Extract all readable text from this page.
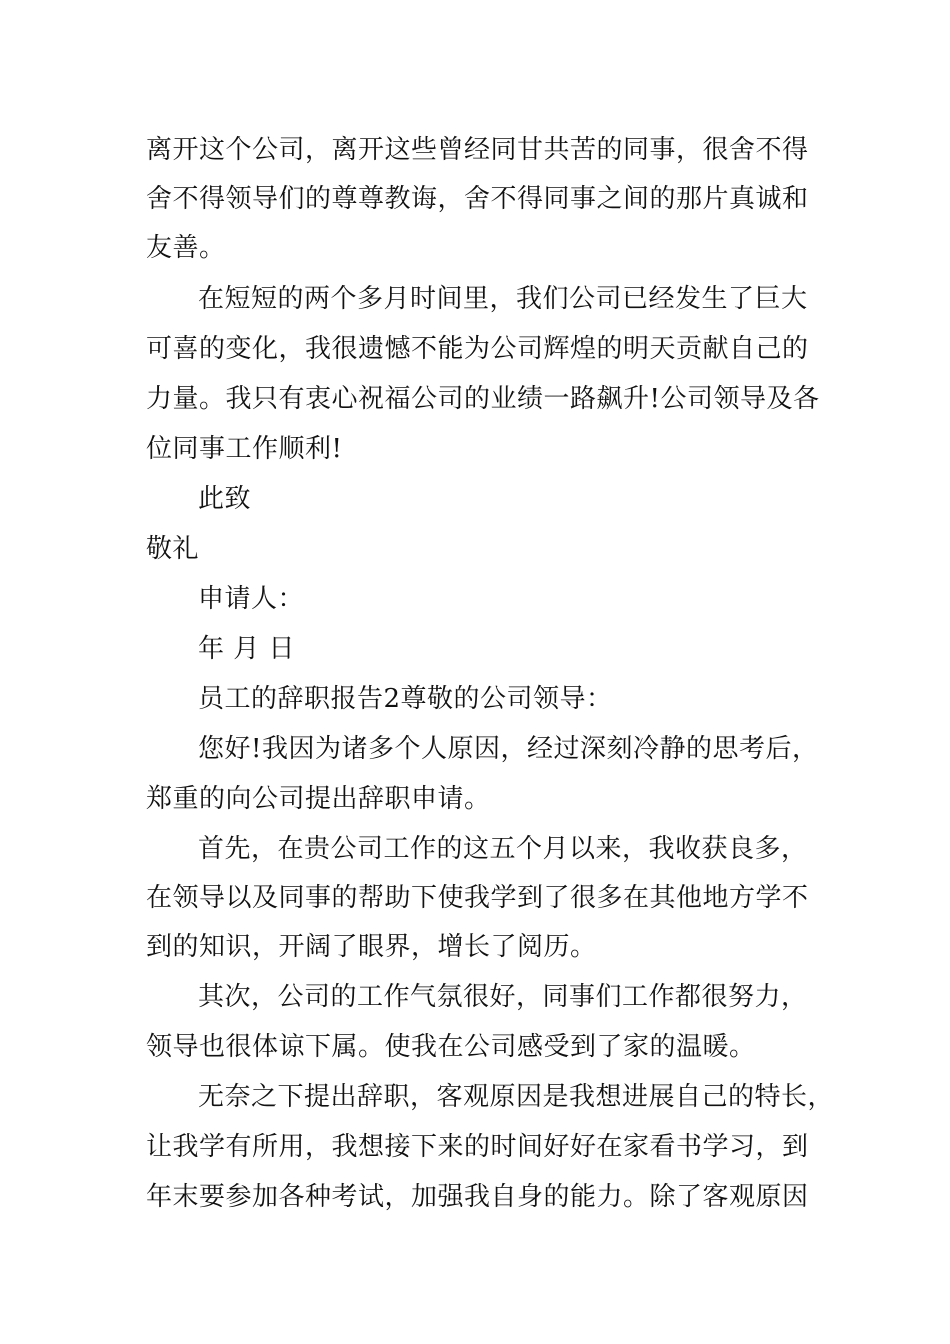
离开这个公司，离开这些曾经同甘共苦的同事，很舍不得
舍不得领导们的尊尊教诲，舍不得同事之间的那片真诚和
友善。
在短短的两个多月时间里，我们公司已经发生了巨大
可喜的变化，我很遗憾不能为公司辉煌的明天贡献自己的
力量。我只有衷心祝福公司的业绩一路飙升!公司领导及各
位同事工作顺利!
此致
敬礼
申请人：
年 月 日
员工的辞职报告2尊敬的公司领导：
您好!我因为诸多个人原因，经过深刻冷静的思考后，
郑重的向公司提出辞职申请。
首先，在贵公司工作的这五个月以来，我收获良多，
在领导以及同事的帮助下使我学到了很多在其他地方学不
到的知识，开阔了眼界，增长了阅历。
其次，公司的工作气氛很好，同事们工作都很努力，
领导也很体谅下属。使我在公司感受到了家的温暖。
无奈之下提出辞职，客观原因是我想进展自己的特长，
让我学有所用，我想接下来的时间好好在家看书学习，到
年末要参加各种考试，加强我自身的能力。除了客观原因
